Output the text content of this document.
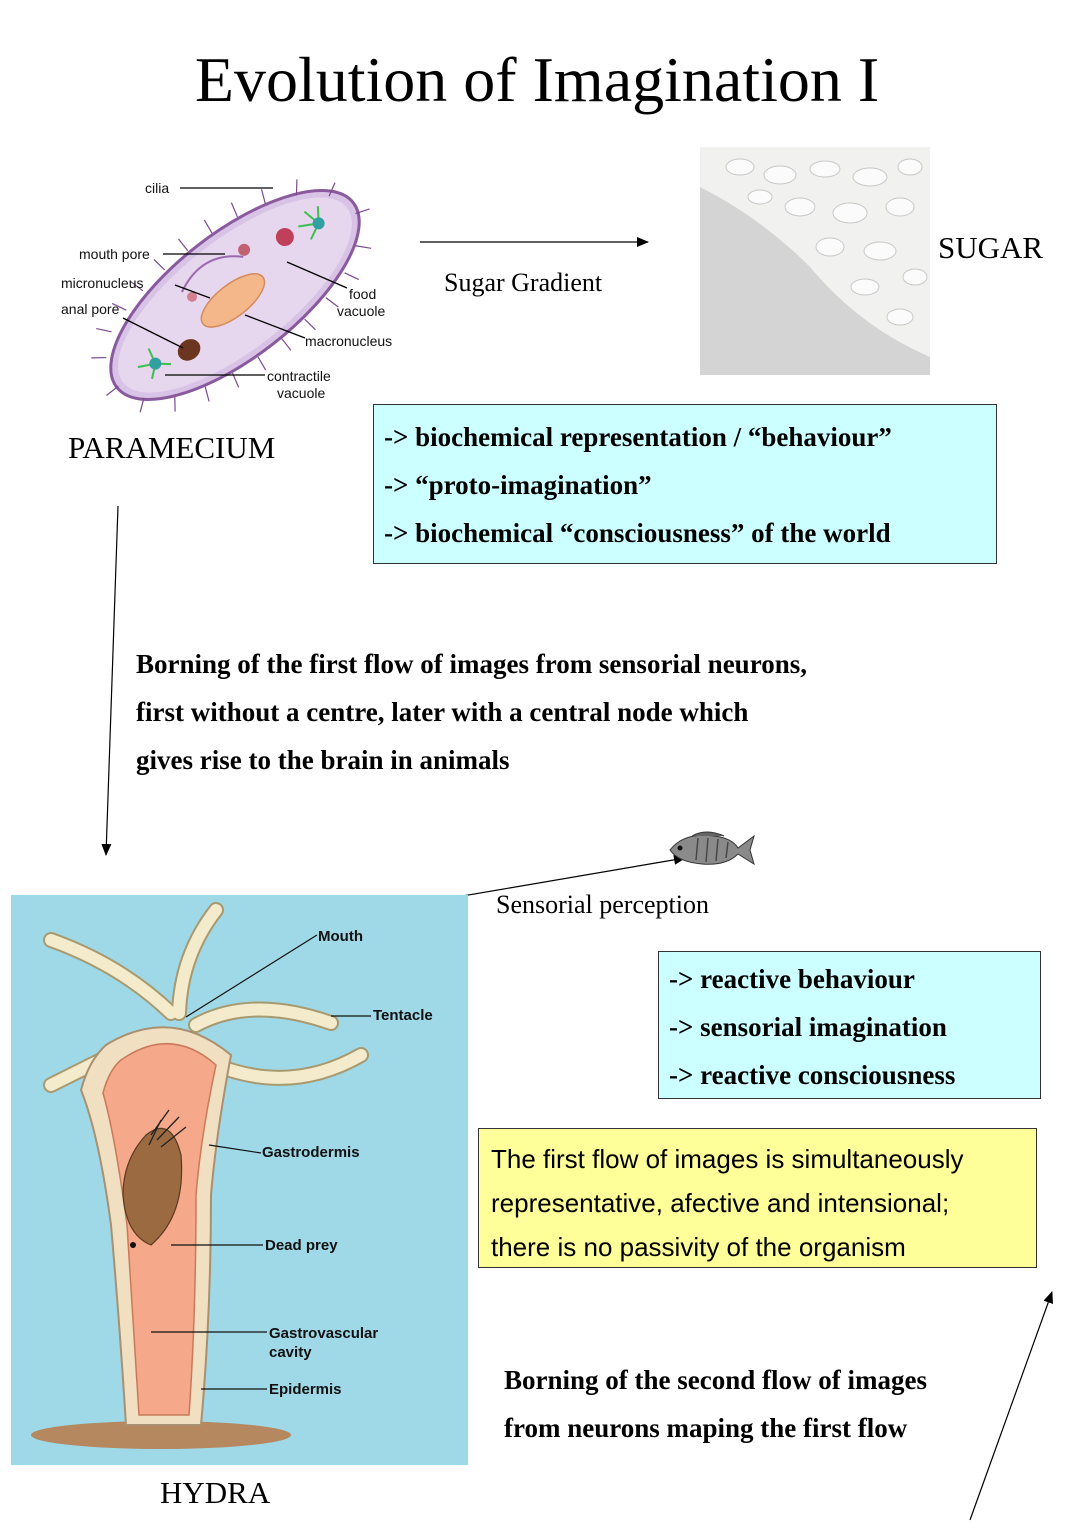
Evolution of Imagination I
cilia
mouth pore
micronucleus
anal pore
food
vacuole
macronucleus
contractile
vacuole
PARAMECIUM
Sugar Gradient
SUGAR
-> biochemical representation / “behaviour”
-> “proto-imagination”
-> biochemical “consciousness” of the world
Borning of the first flow of images from sensorial neurons,
first without a centre, later with a central node which
gives rise to the brain in animals
Sensorial perception
Mouth
Tentacle
Gastrodermis
Dead prey
Gastrovascular
cavity
Epidermis
HYDRA
-> reactive behaviour
-> sensorial imagination
-> reactive consciousness
The first flow of images is simultaneously
representative, afective and intensional;
there is no passivity of the organism
Borning of the second flow of images
from neurons maping the first flow
